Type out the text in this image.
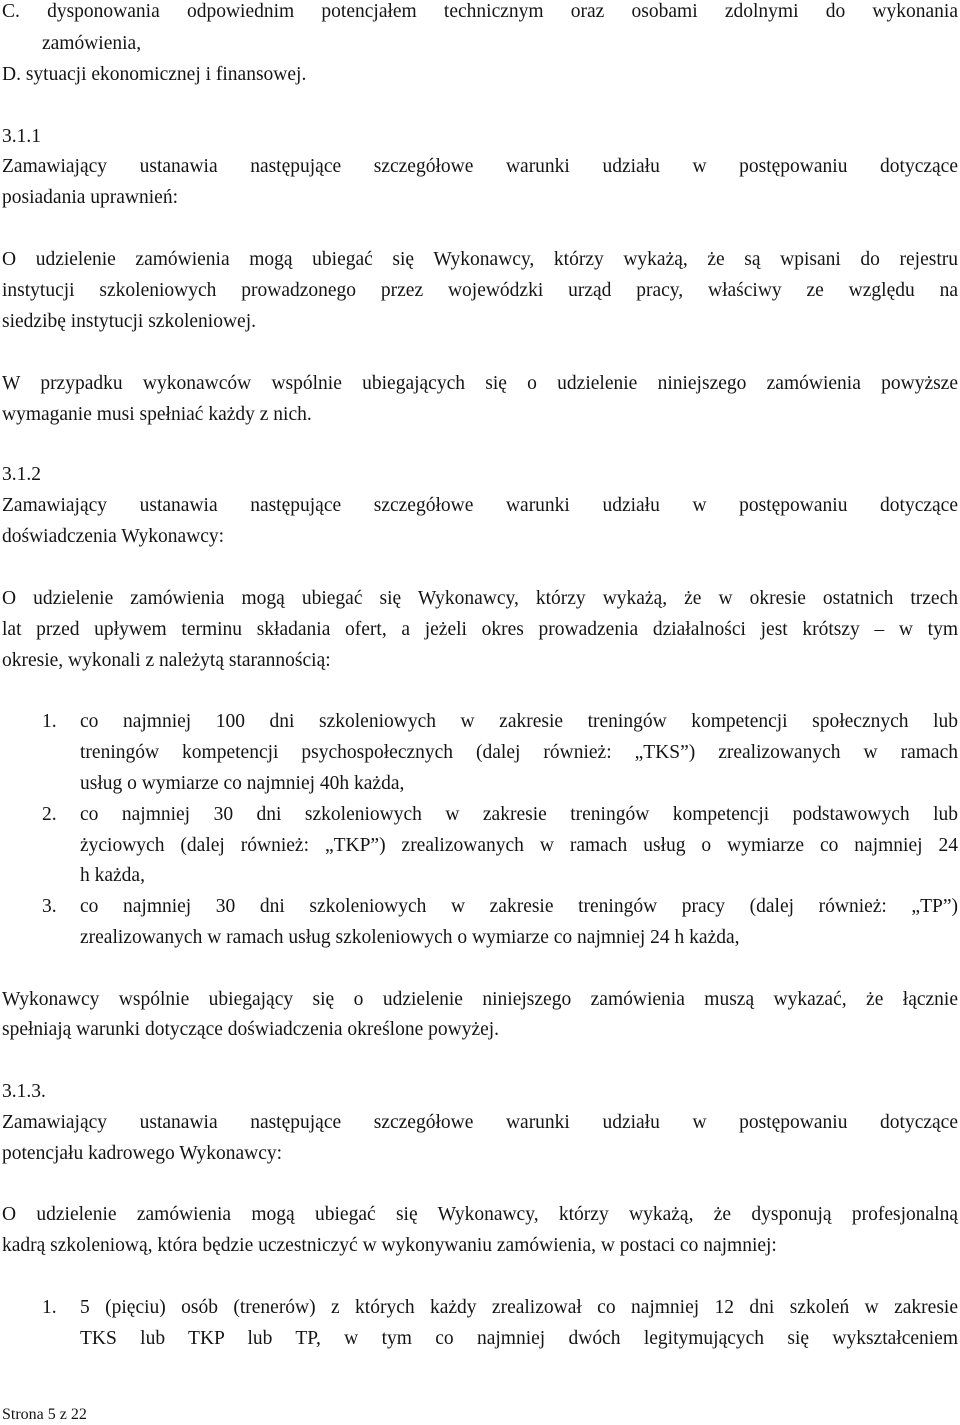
C. dysponowania odpowiednim potencjałem technicznym oraz osobami zdolnymi do wykonania
zamówienia,
D. sytuacji ekonomicznej i finansowej.
3.1.1
Zamawiający ustanawia następujące szczegółowe warunki udziału w postępowaniu dotyczące
posiadania uprawnień:
O udzielenie zamówienia mogą ubiegać się Wykonawcy, którzy wykażą, że są wpisani do rejestru
instytucji szkoleniowych prowadzonego przez wojewódzki urząd pracy, właściwy ze względu na
siedzibę instytucji szkoleniowej.
W przypadku wykonawców wspólnie ubiegających się o udzielenie niniejszego zamówienia powyższe
wymaganie musi spełniać każdy z nich.
3.1.2
Zamawiający ustanawia następujące szczegółowe warunki udziału w postępowaniu dotyczące
doświadczenia Wykonawcy:
O udzielenie zamówienia mogą ubiegać się Wykonawcy, którzy wykażą, że w okresie ostatnich trzech
lat przed upływem terminu składania ofert, a jeżeli okres prowadzenia działalności jest krótszy – w tym
okresie, wykonali z należytą starannością:
1. co najmniej 100 dni szkoleniowych w zakresie treningów kompetencji społecznych lub
treningów kompetencji psychospołecznych (dalej również: „TKS”) zrealizowanych w ramach
usług o wymiarze co najmniej 40h każda,
2. co najmniej 30 dni szkoleniowych w zakresie treningów kompetencji podstawowych lub
życiowych (dalej również: „TKP”) zrealizowanych w ramach usług o wymiarze co najmniej 24
h każda,
3. co najmniej 30 dni szkoleniowych w zakresie treningów pracy (dalej również: „TP”)
zrealizowanych w ramach usług szkoleniowych o wymiarze co najmniej 24 h każda,
Wykonawcy wspólnie ubiegający się o udzielenie niniejszego zamówienia muszą wykazać, że łącznie
spełniają warunki dotyczące doświadczenia określone powyżej.
3.1.3.
Zamawiający ustanawia następujące szczegółowe warunki udziału w postępowaniu dotyczące
potencjału kadrowego Wykonawcy:
O udzielenie zamówienia mogą ubiegać się Wykonawcy, którzy wykażą, że dysponują profesjonalną
kadrą szkoleniową, która będzie uczestniczyć w wykonywaniu zamówienia, w postaci co najmniej:
1. 5 (pięciu) osób (trenerów) z których każdy zrealizował co najmniej 12 dni szkoleń w zakresie
TKS lub TKP lub TP, w tym co najmniej dwóch legitymujących się wykształceniem
Strona 5 z 22
